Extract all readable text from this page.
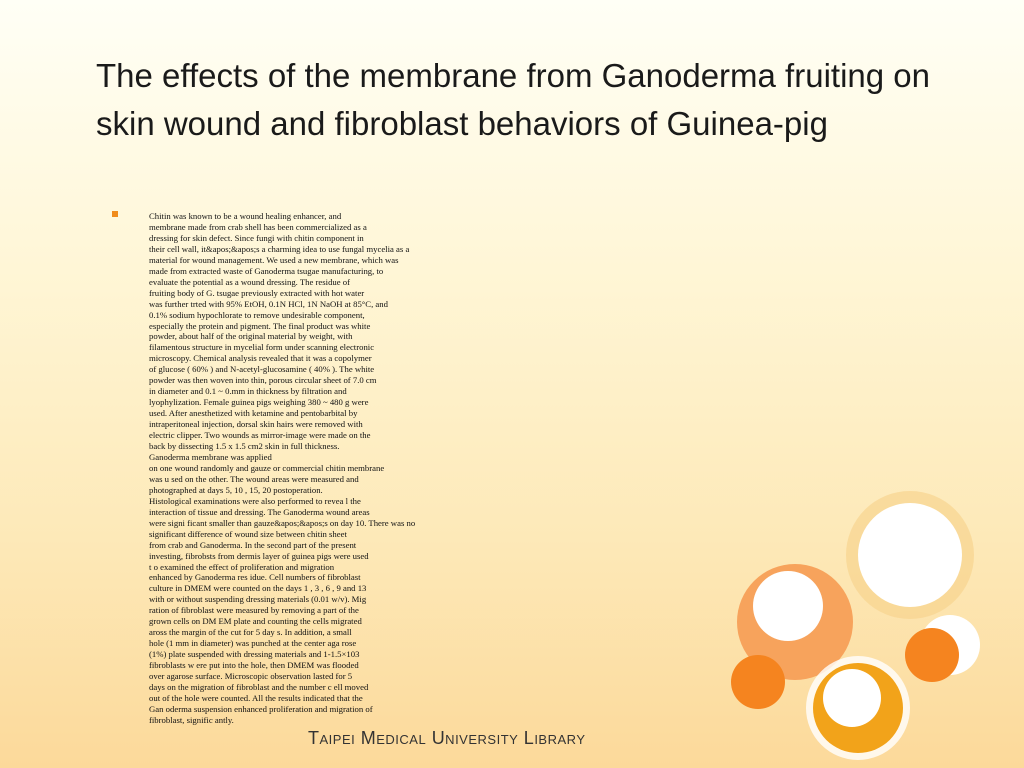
The effects of the membrane from Ganoderma fruiting on skin wound and fibroblast behaviors of Guinea-pig
Chitin was known to be a wound healing enhancer, and
membrane made from crab shell has been commercialized as a
dressing for skin defect. Since fungi with chitin component in
their cell wall, it&apos;&apos;s a charming idea to use fungal mycelia as a
material for wound management. We used a new membrane, which was
made from extracted waste of Ganoderma tsugae manufacturing, to
evaluate the potential as a wound dressing. The residue of
fruiting body of G. tsugae previously extracted with hot water
was further trted with 95% EtOH, 0.1N HCl, 1N NaOH at 85°C, and
0.1% sodium hypochlorate to remove undesirable component,
especially the protein and pigment. The final product was white
powder, about half of the original material by weight, with
filamentous structure in mycelial form under scanning electronic
microscopy. Chemical analysis revealed that it was a copolymer
of glucose ( 60% ) and N-acetyl-glucosamine ( 40% ). The white
powder was then woven into thin, porous circular sheet of 7.0 cm
in diameter and 0.1 ~ 0.mm in thickness by filtration and
lyophylization. Female guinea pigs weighing 380 ~ 480 g were
used. After anesthetized with ketamine and pentobarbital by
intraperitoneal injection, dorsal skin hairs were removed with
electric clipper. Two wounds as mirror-image were made on the
back by dissecting 1.5 x 1.5 cm2 skin in full thickness.
Ganoderma membrane was applied
on one wound randomly and gauze or commercial chitin membrane
was u sed on the other. The wound areas were measured and
photographed at days 5, 10 , 15, 20 postoperation.
Histological examinations were also performed to revea l the
interaction of tissue and dressing. The Ganoderma wound areas
were signi ficant smaller than gauze&apos;&apos;s on day 10. There was no
significant difference of wound size between chitin sheet
from crab and Ganoderma. In the second part of the present
investing, fibrobsts from dermis layer of guinea pigs were used
t o examined the effect of proliferation and migration
enhanced by Ganoderma res idue. Cell numbers of fibroblast
culture in DMEM were counted on the days 1 , 3 , 6 , 9 and 13
with or without suspending dressing materials (0.01 w/v). Mig
ration of fibroblast were measured by removing a part of the
grown cells on DM EM plate and counting the cells migrated
aross the margin of the cut for 5 day s. In addition, a small
hole (1 mm in diameter) was punched at the center aga rose
(1%) plate suspended with dressing materials and 1-1.5×103
fibroblasts w ere put into the hole, then DMEM was flooded
over agarose surface. Microscopic observation lasted for 5
days on the migration of fibroblast and the number c ell moved
out of the hole were counted. All the results indicated that the
Gan oderma suspension enhanced proliferation and migration of
fibroblast, signific antly.
Taipei Medical University Library
